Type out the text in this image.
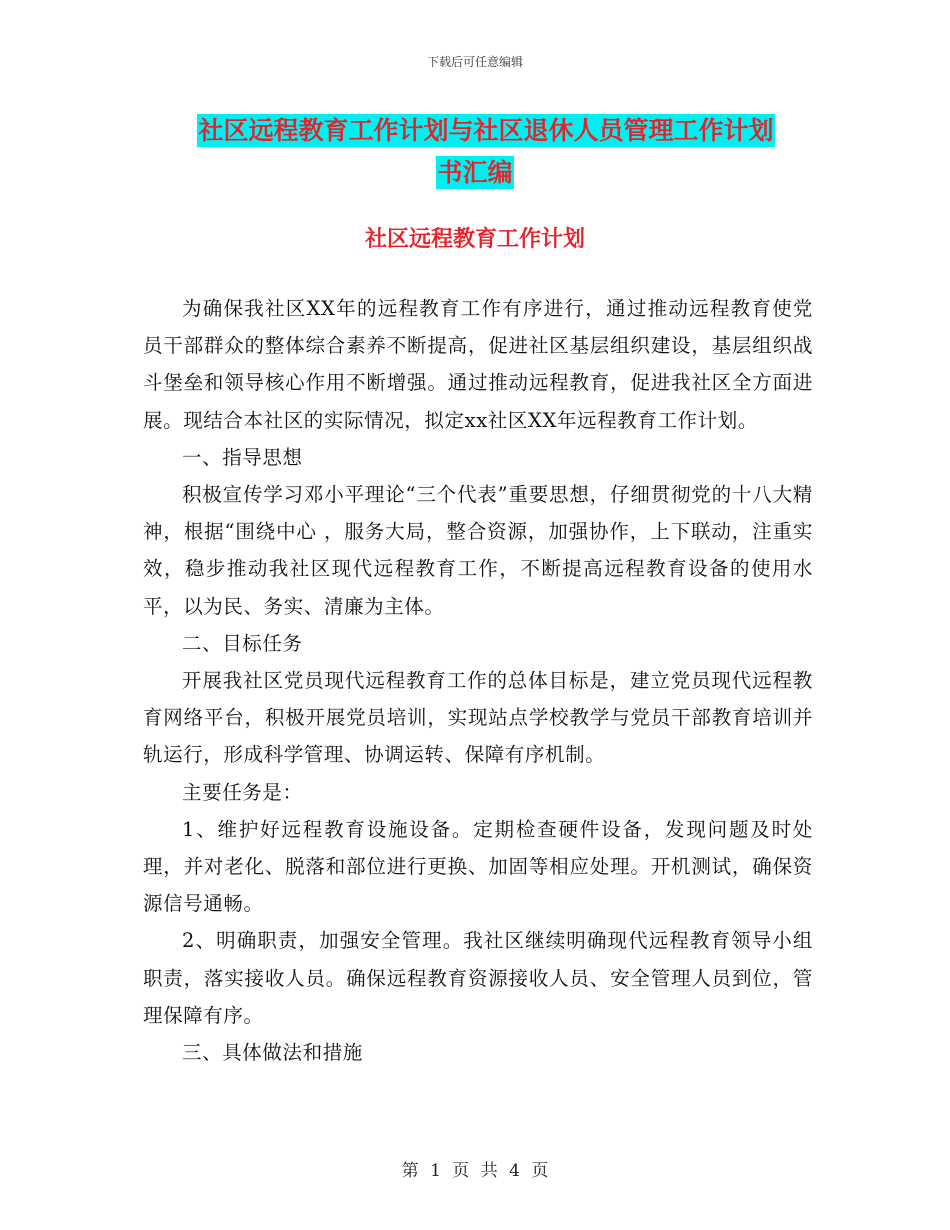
下载后可任意编辑
社区远程教育工作计划与社区退休人员管理工作计划
书汇编
社区远程教育工作计划

为确保我社区XX年的远程教育工作有序进行，通过推动远程教育使党员干部群众的整体综合素养不断提高，促进社区基层组织建设，基层组织战斗堡垒和领导核心作用不断增强。通过推动远程教育，促进我社区全方面进展。现结合本社区的实际情况，拟定xx社区XX年远程教育工作计划。

一、指导思想

积极宣传学习邓小平理论“三个代表”重要思想，仔细贯彻党的十八大精神，根据“围绕中心 ，服务大局，整合资源，加强协作，上下联动，注重实效，稳步推动我社区现代远程教育工作，不断提高远程教育设备的使用水平，以为民、务实、清廉为主体。

二、目标任务

开展我社区党员现代远程教育工作的总体目标是，建立党员现代远程教育网络平台，积极开展党员培训，实现站点学校教学与党员干部教育培训并轨运行，形成科学管理、协调运转、保障有序机制。

主要任务是：

1、维护好远程教育设施设备。定期检查硬件设备，发现问题及时处理，并对老化、脱落和部位进行更换、加固等相应处理。开机测试，确保资源信号通畅。

2、明确职责，加强安全管理。我社区继续明确现代远程教育领导小组职责，落实接收人员。确保远程教育资源接收人员、安全管理人员到位，管理保障有序。

三、具体做法和措施

第 1 页 共 4 页
